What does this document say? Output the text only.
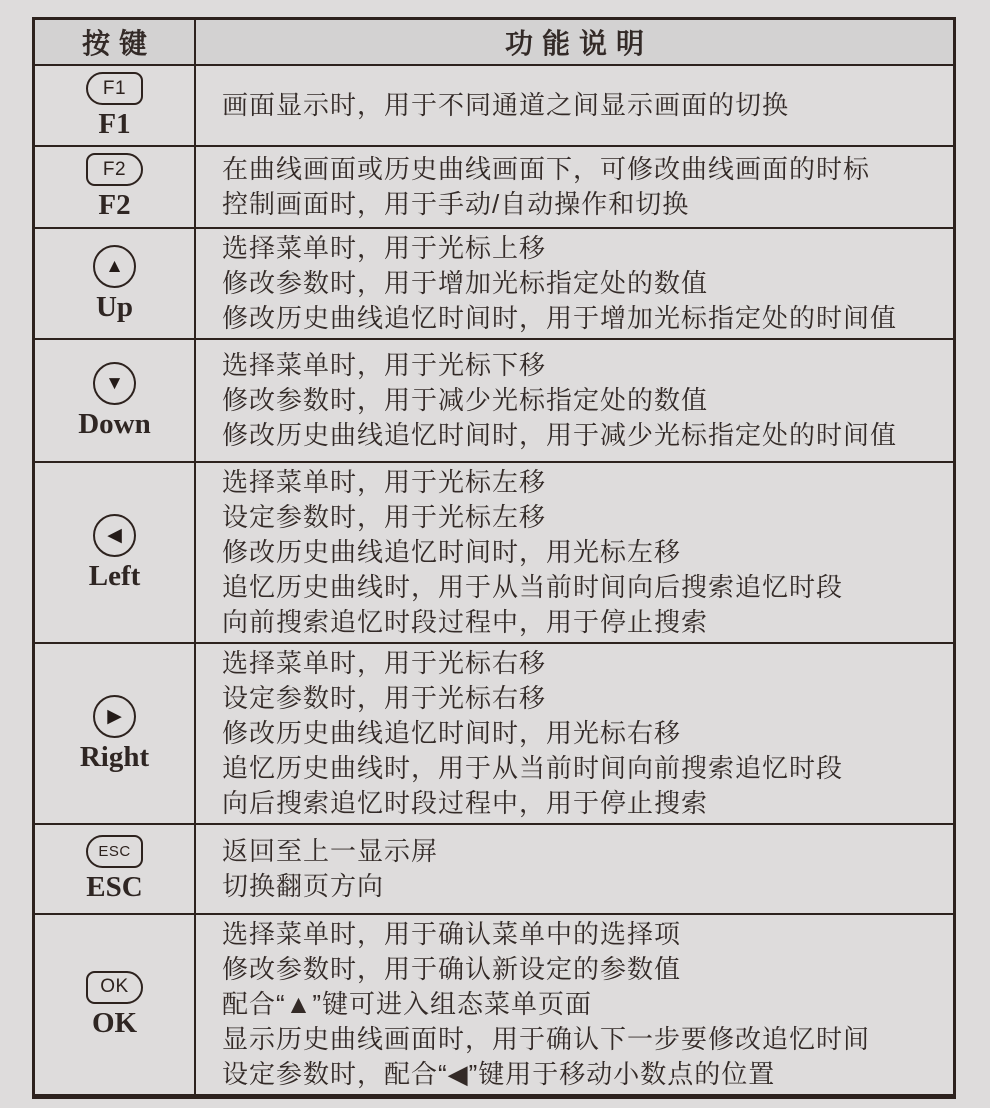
按键	功能说明
F1
F1
画面显示时，用于不同通道之间显示画面的切换
F2
F2
在曲线画面或历史曲线画面下，可修改曲线画面的时标
控制画面时，用于手动/自动操作和切换
▲
Up
选择菜单时，用于光标上移
修改参数时，用于增加光标指定处的数值
修改历史曲线追忆时间时，用于增加光标指定处的时间值
▼
Down
选择菜单时，用于光标下移
修改参数时，用于减少光标指定处的数值
修改历史曲线追忆时间时，用于减少光标指定处的时间值
◀
Left
选择菜单时，用于光标左移
设定参数时，用于光标左移
修改历史曲线追忆时间时，用光标左移
追忆历史曲线时，用于从当前时间向后搜索追忆时段
向前搜索追忆时段过程中，用于停止搜索
▶
Right
选择菜单时，用于光标右移
设定参数时，用于光标右移
修改历史曲线追忆时间时，用光标右移
追忆历史曲线时，用于从当前时间向前搜索追忆时段
向后搜索追忆时段过程中，用于停止搜索
ESC
ESC
返回至上一显示屏
切换翻页方向
OK
OK
选择菜单时，用于确认菜单中的选择项
修改参数时，用于确认新设定的参数值
配合“▲”键可进入组态菜单页面
显示历史曲线画面时，用于确认下一步要修改追忆时间
设定参数时，配合“◀”键用于移动小数点的位置
